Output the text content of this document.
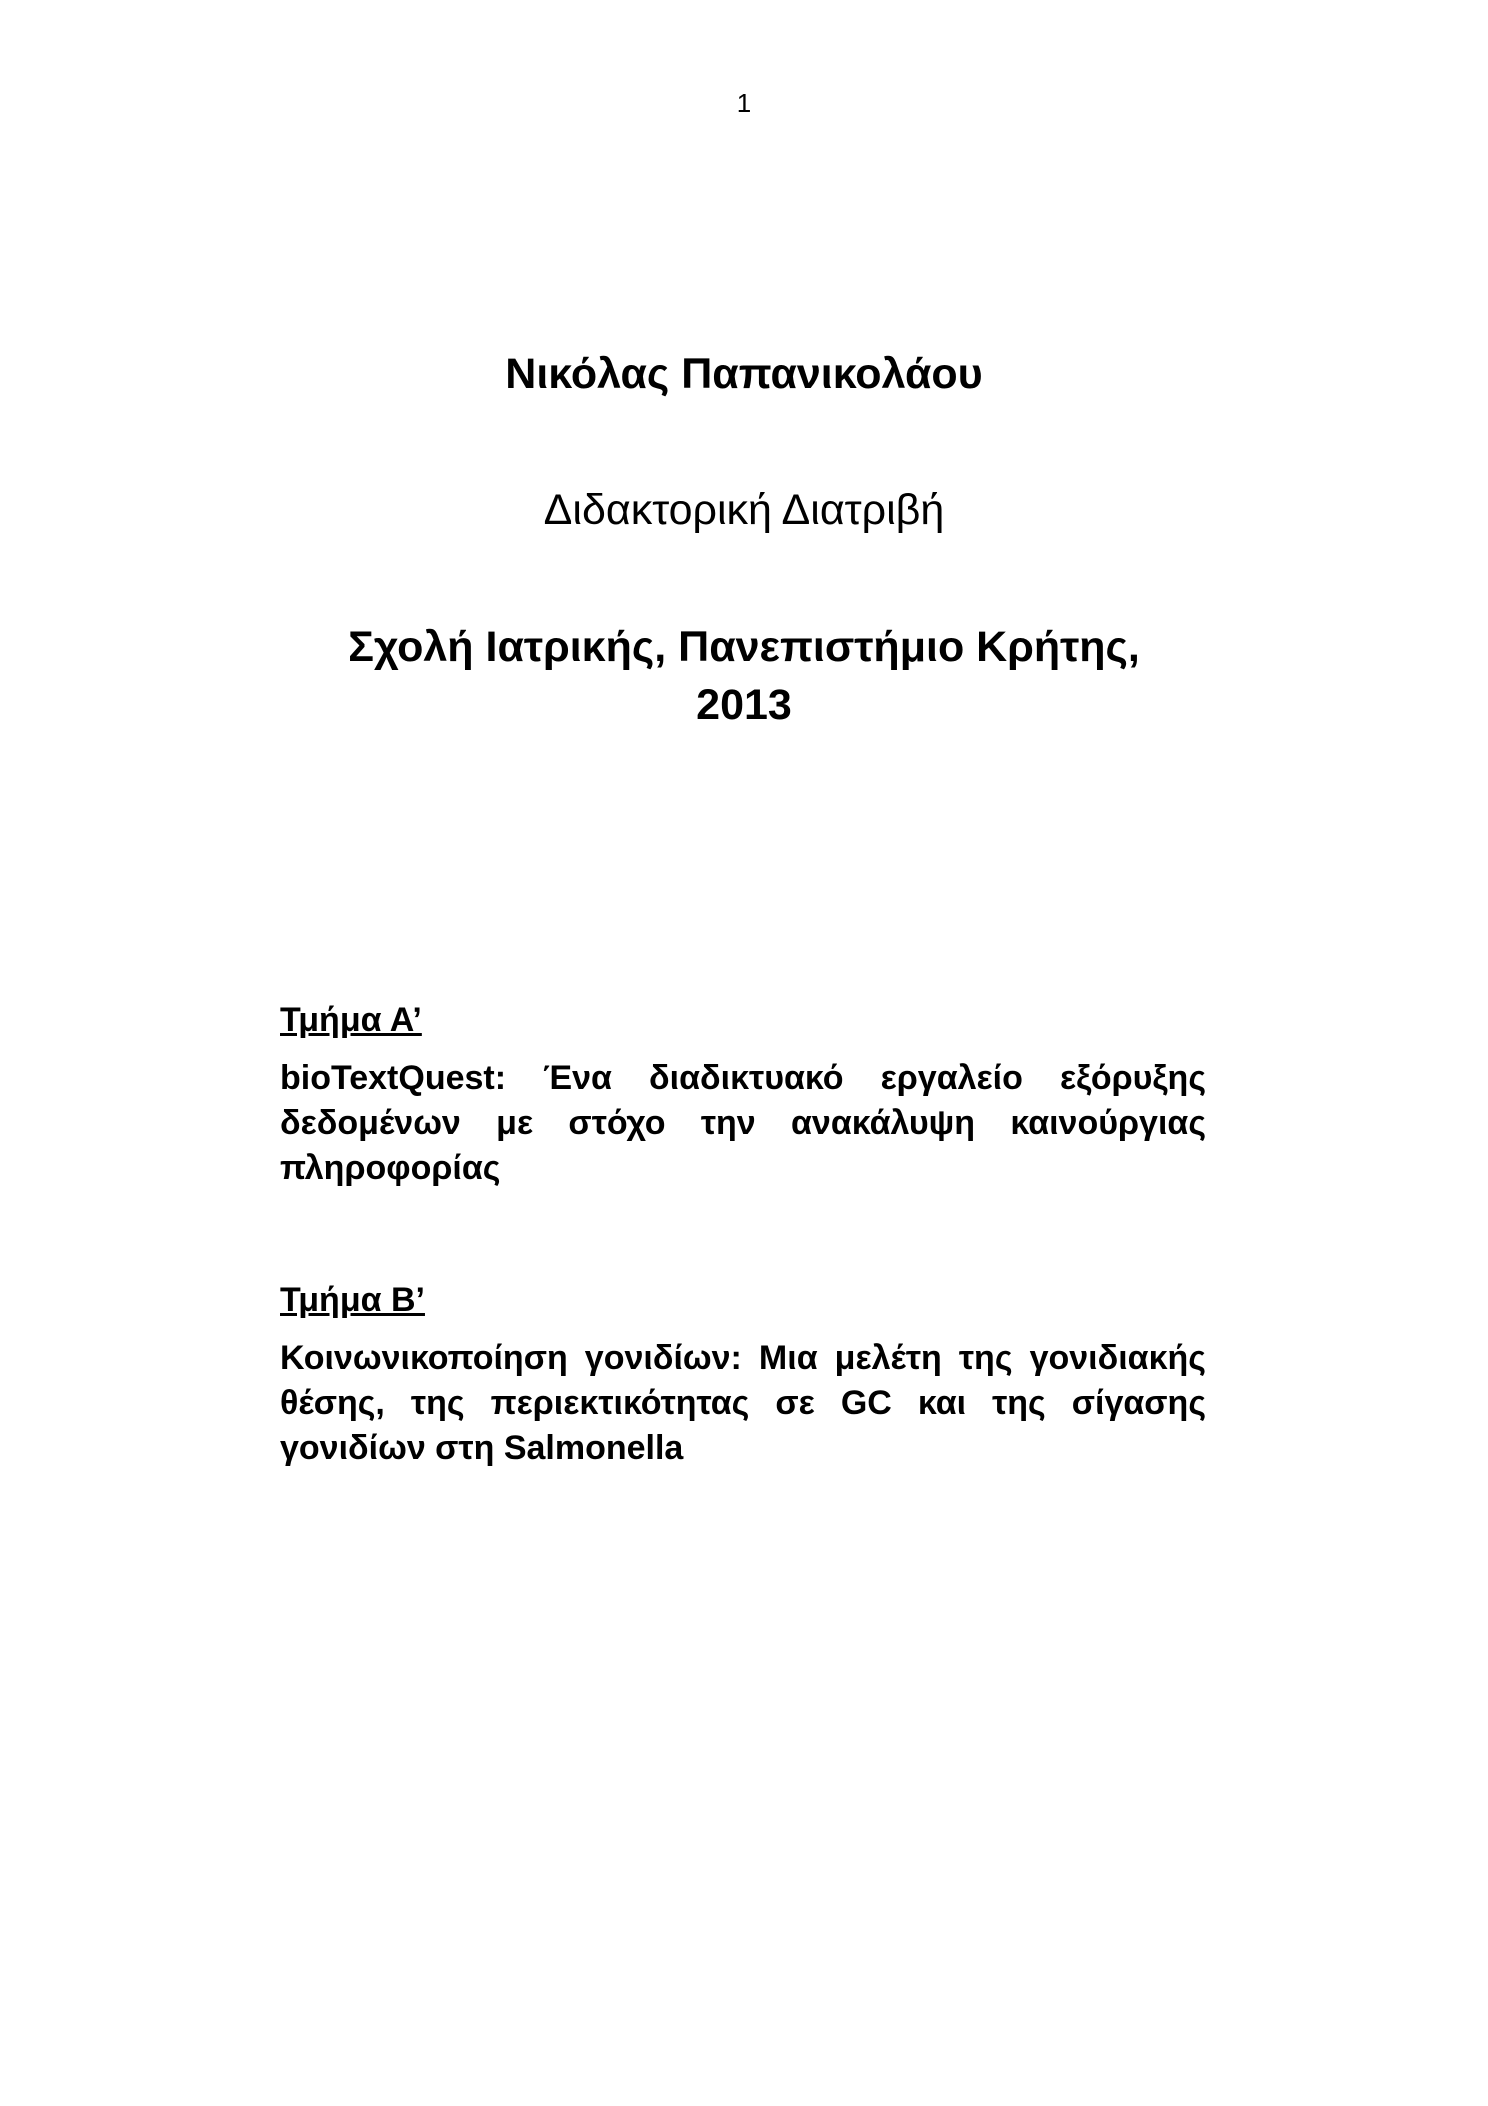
1
Νικόλας Παπανικολάου
Διδακτορική Διατριβή
Σχολή Ιατρικής, Πανεπιστήμιο Κρήτης,
2013

Τμήμα Α’

bioTextQuest: Ένα διαδικτυακό εργαλείο εξόρυξης δεδομένων με στόχο την ανακάλυψη καινούργιας πληροφορίας

Τμήμα Β’

Κοινωνικοποίηση γονιδίων: Μια μελέτη της γονιδιακής θέσης, της περιεκτικότητας σε GC και της σίγασης γονιδίων στη Salmonella
